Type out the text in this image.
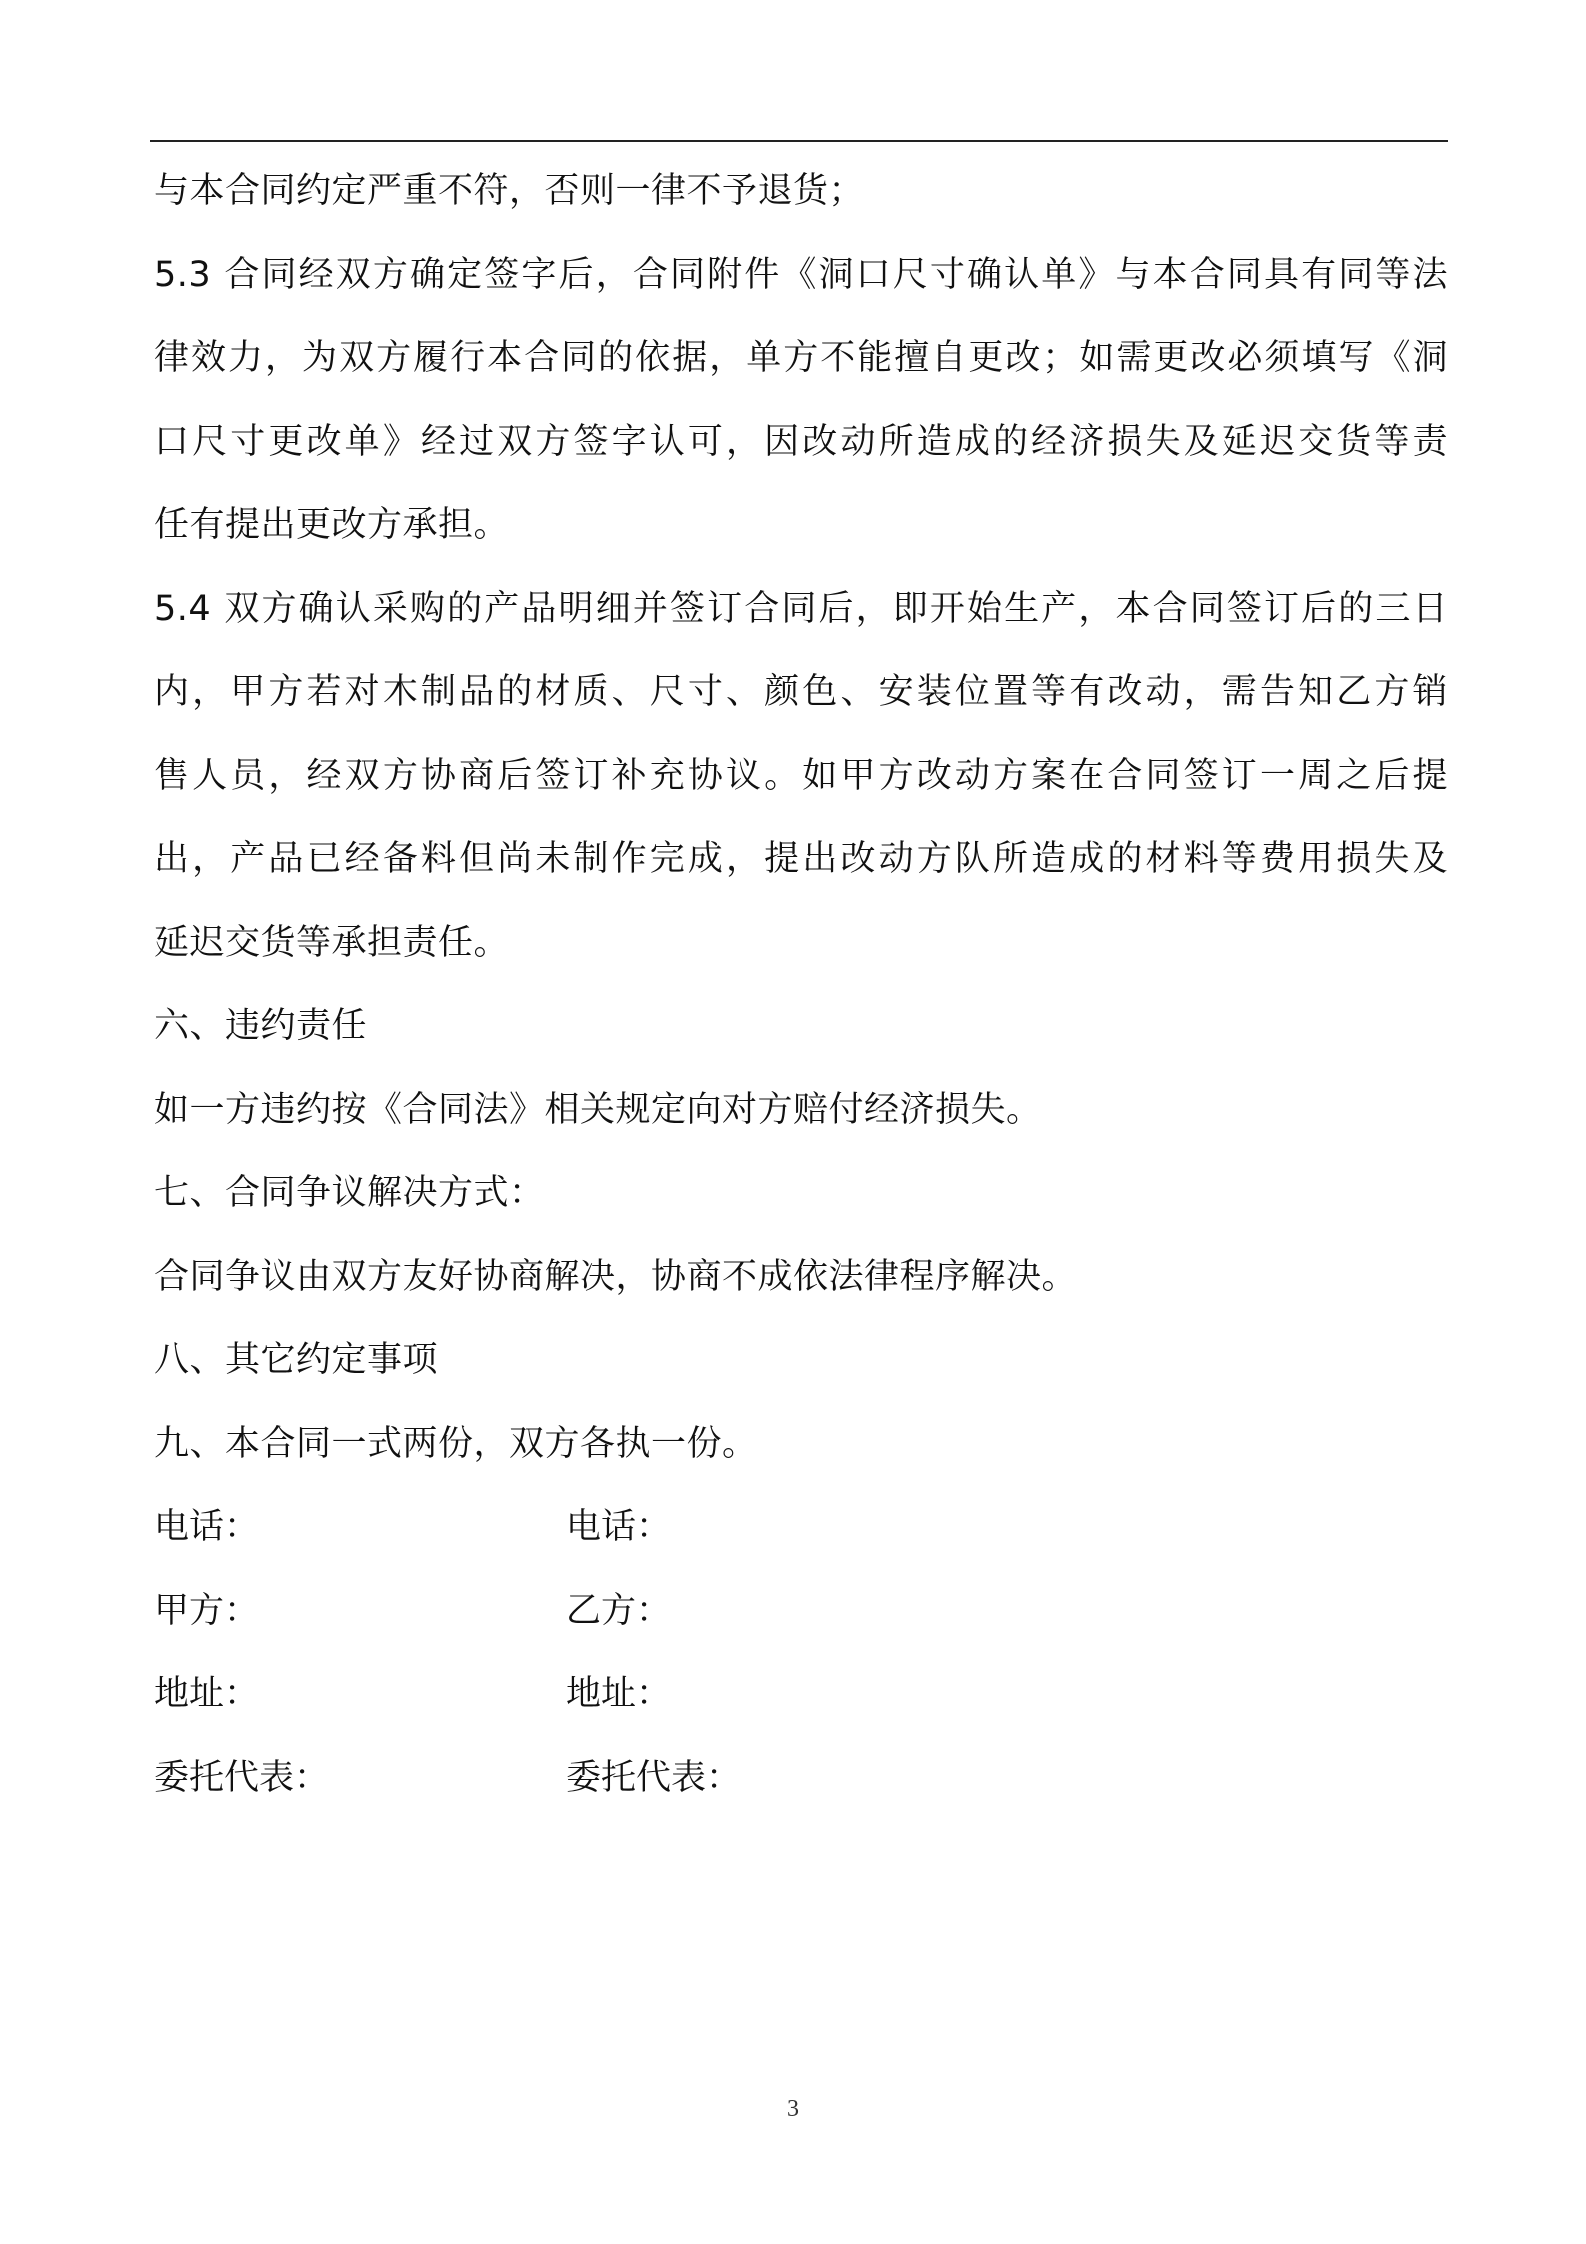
与本合同约定严重不符，否则一律不予退货；
5.3 合同经双方确定签字后，合同附件《洞口尺寸确认单》与本合同具有同等法
律效力，为双方履行本合同的依据，单方不能擅自更改；如需更改必须填写《洞
口尺寸更改单》经过双方签字认可，因改动所造成的经济损失及延迟交货等责
任有提出更改方承担。
5.4 双方确认采购的产品明细并签订合同后，即开始生产，本合同签订后的三日
内，甲方若对木制品的材质、尺寸、颜色、安装位置等有改动，需告知乙方销
售人员，经双方协商后签订补充协议。如甲方改动方案在合同签订一周之后提
出，产品已经备料但尚未制作完成，提出改动方队所造成的材料等费用损失及
延迟交货等承担责任。
六、违约责任
如一方违约按《合同法》相关规定向对方赔付经济损失。
七、合同争议解决方式：
合同争议由双方友好协商解决，协商不成依法律程序解决。
八、其它约定事项
九、本合同一式两份，双方各执一份。
电话：	电话：
甲方：	乙方：
地址：	地址：
委托代表：	委托代表：
3
